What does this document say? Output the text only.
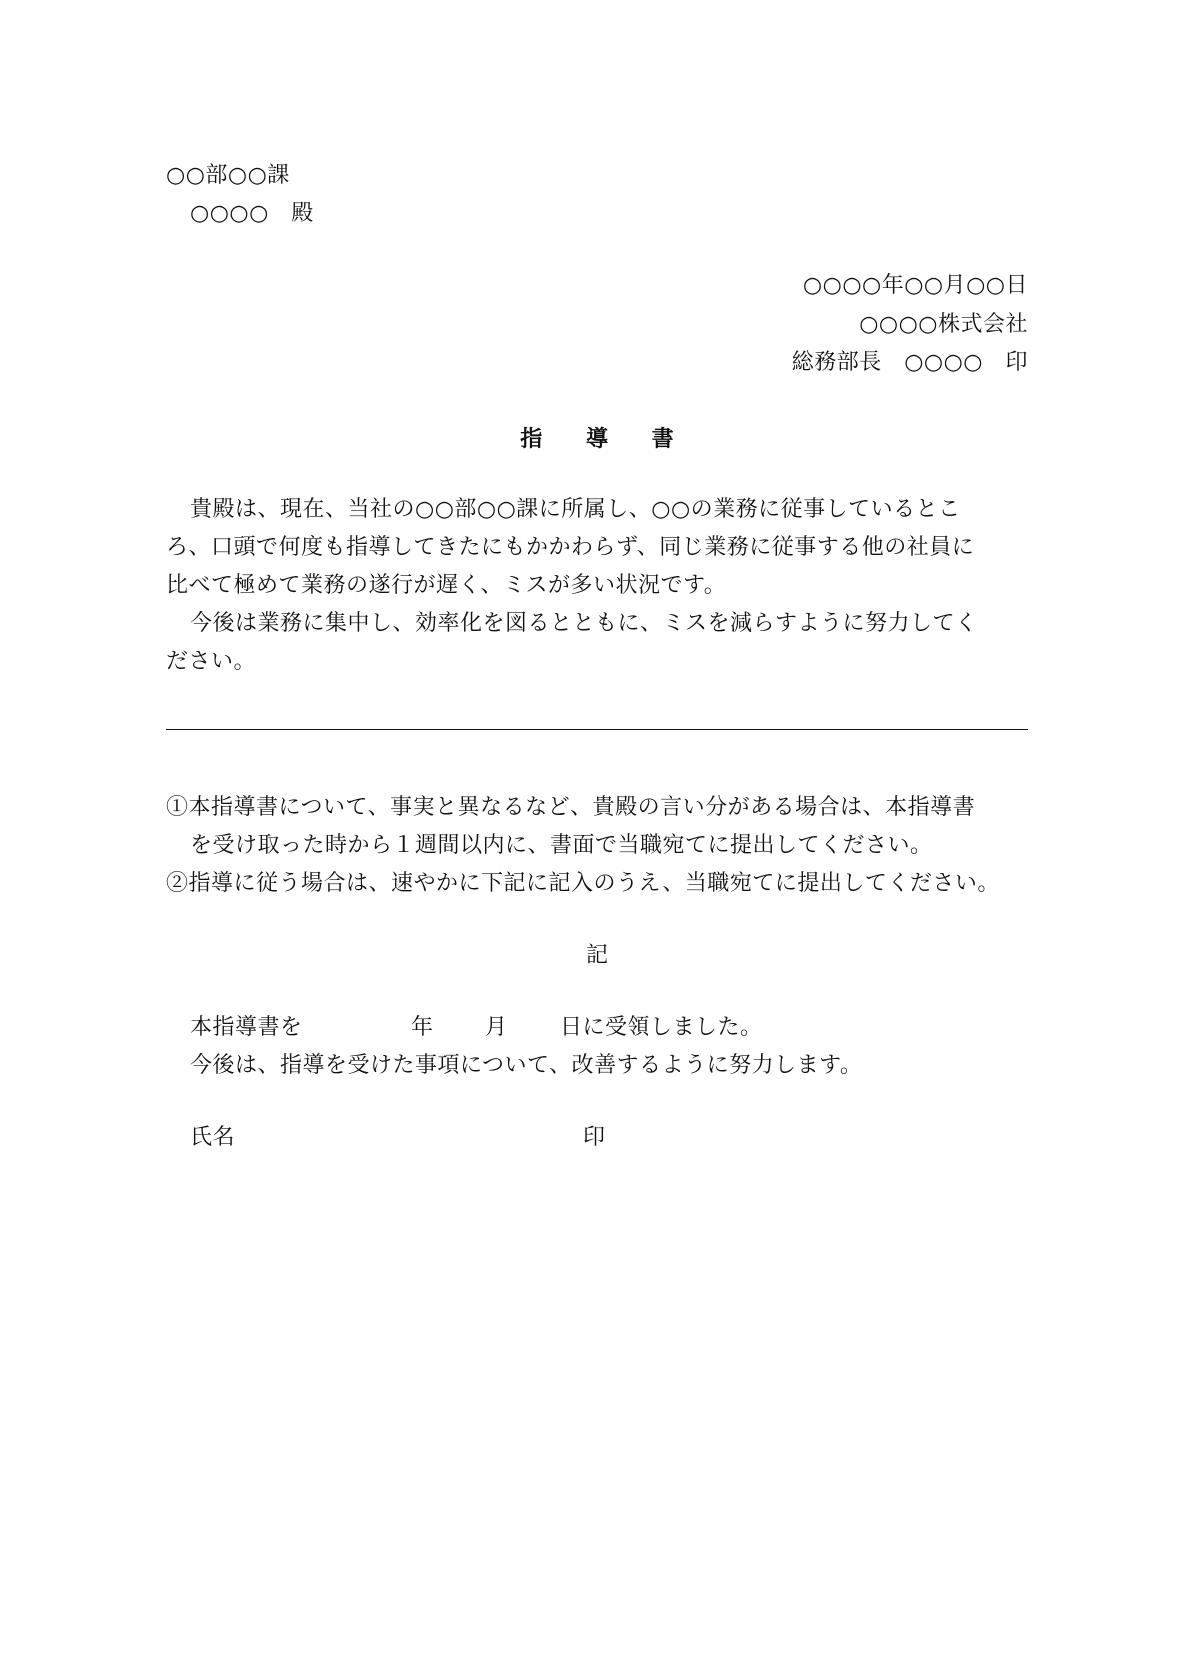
○○部○○課
○○○○　殿
○○○○年○○月○○日
○○○○株式会社
総務部長　○○○○　印
指 導 書
貴殿は、現在、当社の○○部○○課に所属し、○○の業務に従事しているとこ
ろ、口頭で何度も指導してきたにもかかわらず、同じ業務に従事する他の社員に
比べて極めて業務の遂行が遅く、ミスが多い状況です。
今後は業務に集中し、効率化を図るとともに、ミスを減らすように努力してく
ださい。
①本指導書について、事実と異なるなど、貴殿の言い分がある場合は、本指導書
を受け取った時から１週間以内に、書面で当職宛てに提出してください。
②指導に従う場合は、速やかに下記に記入のうえ、当職宛てに提出してください。
記
本指導書を	年 月 日に受領しました。
今後は、指導を受けた事項について、改善するように努力します。
氏名	印
